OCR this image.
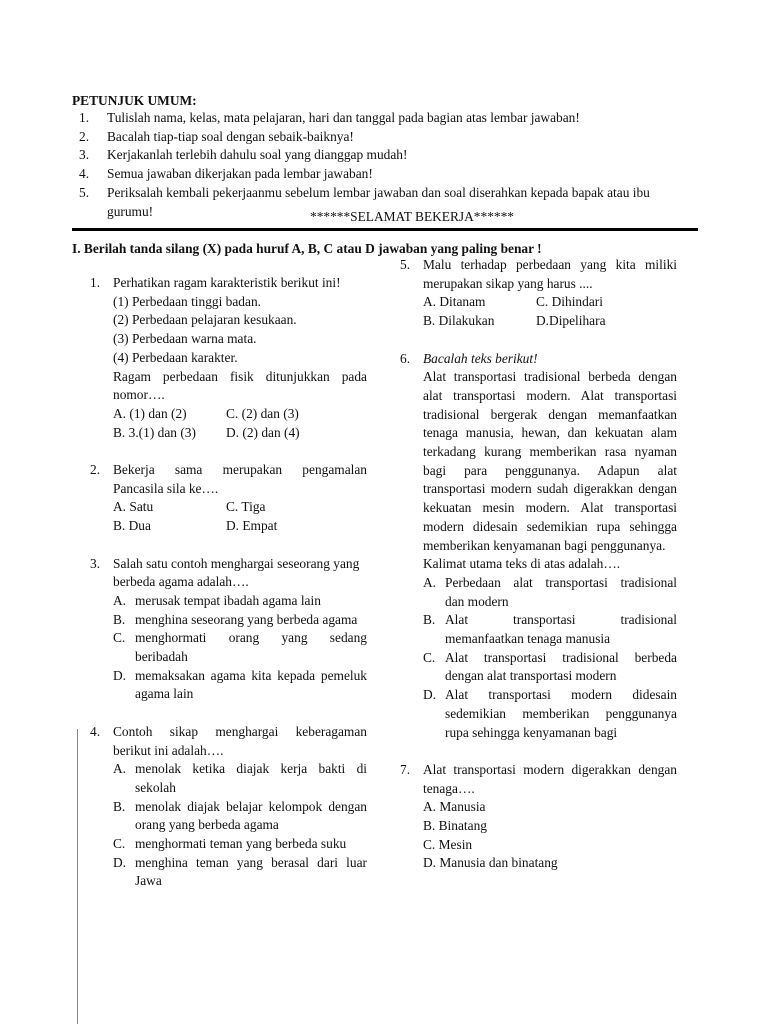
PETUNJUK UMUM:
1.	Tulislah nama, kelas, mata pelajaran, hari dan tanggal pada bagian atas lembar jawaban!
2.	Bacalah tiap-tiap soal dengan sebaik-baiknya!
3.	Kerjakanlah terlebih dahulu soal yang dianggap mudah!
4.	Semua jawaban dikerjakan pada lembar jawaban!
5.	Periksalah kembali pekerjaanmu sebelum lembar jawaban dan soal diserahkan kepada bapak atau ibu gurumu!	******SELAMAT BEKERJA******
I. Berilah tanda silang (X) pada huruf A, B, C atau D jawaban yang paling benar !
1. Perhatikan ragam karakteristik berikut ini!
(1) Perbedaan tinggi badan.
(2) Perbedaan pelajaran kesukaan.
(3) Perbedaan warna mata.
(4) Perbedaan karakter.
Ragam perbedaan fisik ditunjukkan pada
nomor….
A. (1) dan (2)	C. (2) dan (3)
B. 3.(1) dan (3)	D. (2) dan (4)
2. Bekerja sama merupakan pengamalan
Pancasila sila ke….
A. Satu	C. Tiga
B. Dua	D. Empat
3. Salah satu contoh menghargai seseorang yang
berbeda agama adalah….
A. merusak tempat ibadah agama lain
B. menghina seseorang yang berbeda agama
C. menghormati orang yang sedang
beribadah
D. memaksakan agama kita kepada pemeluk
agama lain
4. Contoh sikap menghargai keberagaman
berikut ini adalah….
A. menolak ketika diajak kerja bakti di
sekolah
B. menolak diajak belajar kelompok dengan
orang yang berbeda agama
C. menghormati teman yang berbeda suku
D. menghina teman yang berasal dari luar
Jawa
5. Malu terhadap perbedaan yang kita miliki
merupakan sikap yang harus ....
A. Ditanam	C. Dihindari
B. Dilakukan	D.Dipelihara
6. Bacalah teks berikut!
Alat transportasi tradisional berbeda dengan
alat transportasi modern. Alat transportasi
tradisional bergerak dengan memanfaatkan
tenaga manusia, hewan, dan kekuatan alam
terkadang kurang memberikan rasa nyaman
bagi para penggunanya. Adapun alat
transportasi modern sudah digerakkan dengan
kekuatan mesin modern. Alat transportasi
modern didesain sedemikian rupa sehingga
memberikan kenyamanan bagi penggunanya.
Kalimat utama teks di atas adalah….
A. Perbedaan alat transportasi tradisional
dan modern
B. Alat transportasi tradisional
memanfaatkan tenaga manusia
C. Alat transportasi tradisional berbeda
dengan alat transportasi modern
D. Alat transportasi modern didesain
sedemikian memberikan penggunanya
rupa sehingga kenyamanan bagi
7. Alat transportasi modern digerakkan dengan
tenaga….
A. Manusia
B. Binatang
C. Mesin
D. Manusia dan binatang
